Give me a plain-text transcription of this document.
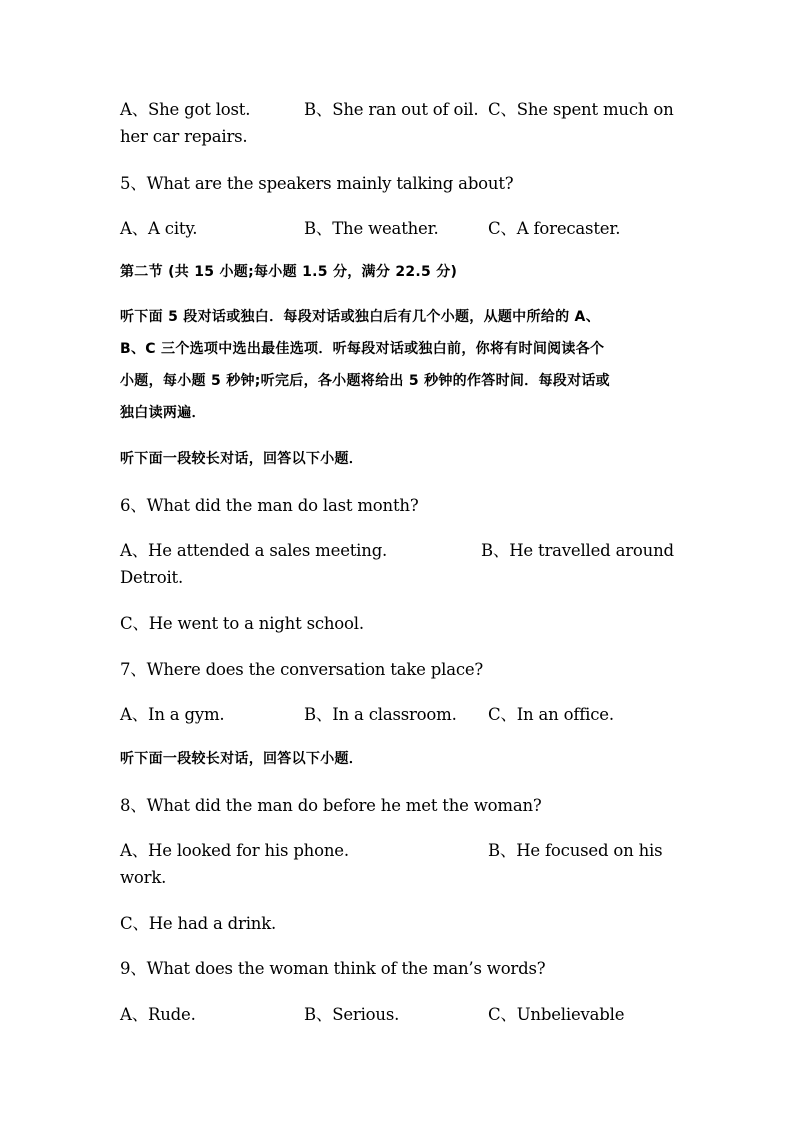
A、She got lost.	B、She ran out of oil. C、She spent much on
her car repairs.
5、What are the speakers mainly talking about?
A、A city.	B、The weather.	C、A forecaster.
第二节 (共 15 小题;每小题 1.5 分，满分 22.5 分)
听下面 5 段对话或独白．每段对话或独白后有几个小题，从题中所给的 A、
B、C 三个选项中选出最佳选项．听每段对话或独白前，你将有时间阅读各个
小题，每小题 5 秒钟;听完后，各小题将给出 5 秒钟的作答时间．每段对话或
独白读两遍．
听下面一段较长对话，回答以下小题．
6、What did the man do last month?
A、He attended a sales meeting.	B、He travelled around
Detroit.
C、He went to a night school.
7、Where does the conversation take place?
A、In a gym.	B、In a classroom. C、In an office.
听下面一段较长对话，回答以下小题．
8、What did the man do before he met the woman?
A、He looked for his phone.	B、He focused on his
work.
C、He had a drink.
9、What does the woman think of the man’s words?
A、Rude.	B、Serious.	C、Unbelievable
